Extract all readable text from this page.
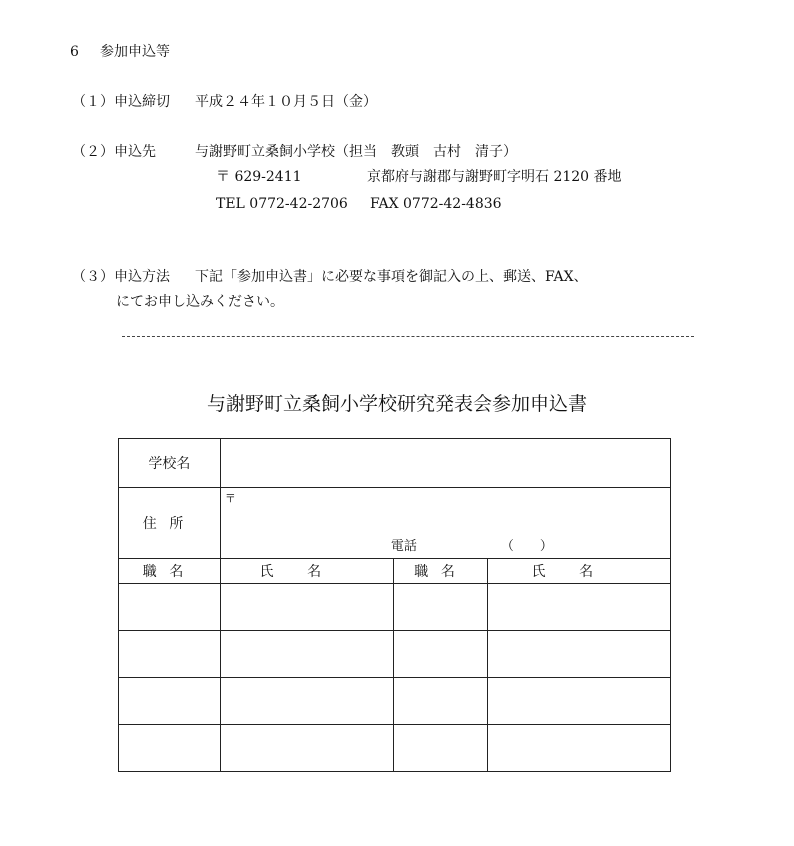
6 参加申込等
（１）申込締切 平成２４年１０月５日（金）
（２）申込先	与謝野町立桑飼小学校（担当　教頭　古村　清子）
〒 629-2411	京都府与謝郡与謝野町字明石 2120 番地
TEL 0772-42-2706 FAX 0772-42-4836
（３）申込方法 下記「参加申込書」に必要な事項を御記入の上、郵送、FAX、
にてお申し込みください。
与謝野町立桑飼小学校研究発表会参加申込書
学校名			
住所	〒
電話 （　　）		

職名	氏名	職名	氏名
